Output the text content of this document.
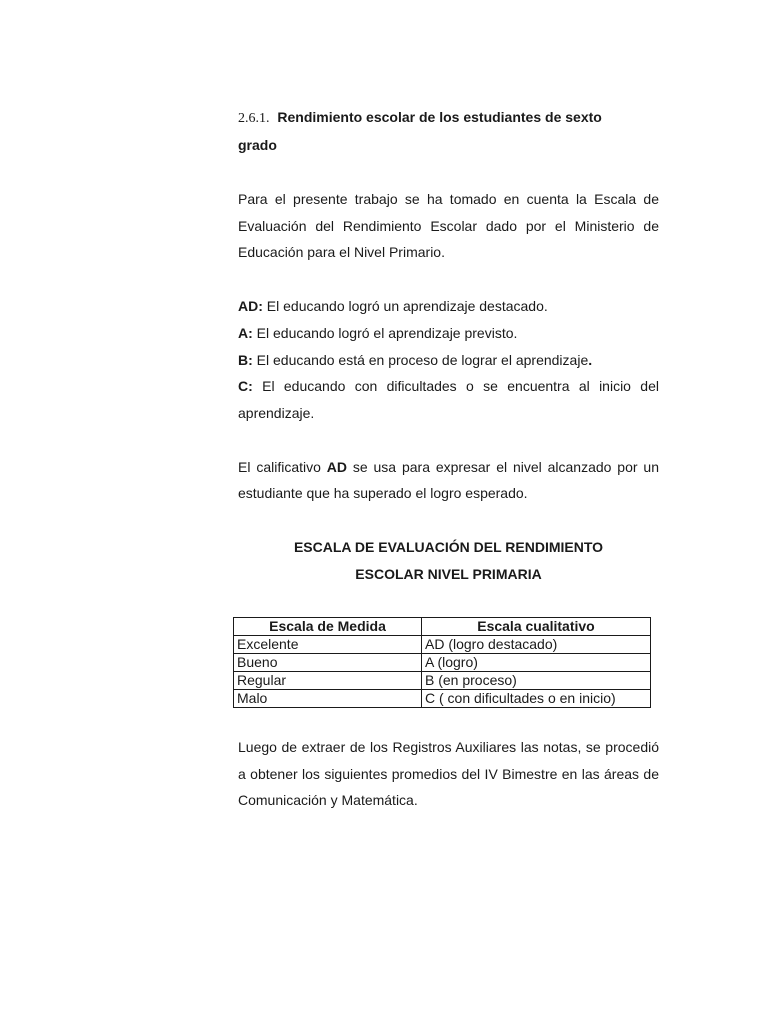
2.6.1. Rendimiento escolar de los estudiantes de sexto
grado

Para el presente trabajo se ha tomado en cuenta la Escala de Evaluación del Rendimiento Escolar dado por el Ministerio de Educación para el Nivel Primario.

AD: El educando logró un aprendizaje destacado.

A: El educando logró el aprendizaje previsto.

B: El educando está en proceso de lograr el aprendizaje.

C: El educando con dificultades o se encuentra al inicio del aprendizaje.

El calificativo AD se usa para expresar el nivel alcanzado por un estudiante que ha superado el logro esperado.

ESCALA DE EVALUACIÓN DEL RENDIMIENTO
ESCOLAR NIVEL PRIMARIA
Escala de Medida	Escala cualitativo
Excelente	AD (logro destacado)
Bueno	A (logro)
Regular	B (en proceso)
Malo	C ( con dificultades o en inicio)

Luego de extraer de los Registros Auxiliares las notas, se procedió a obtener los siguientes promedios del IV Bimestre en las áreas de Comunicación y Matemática.
